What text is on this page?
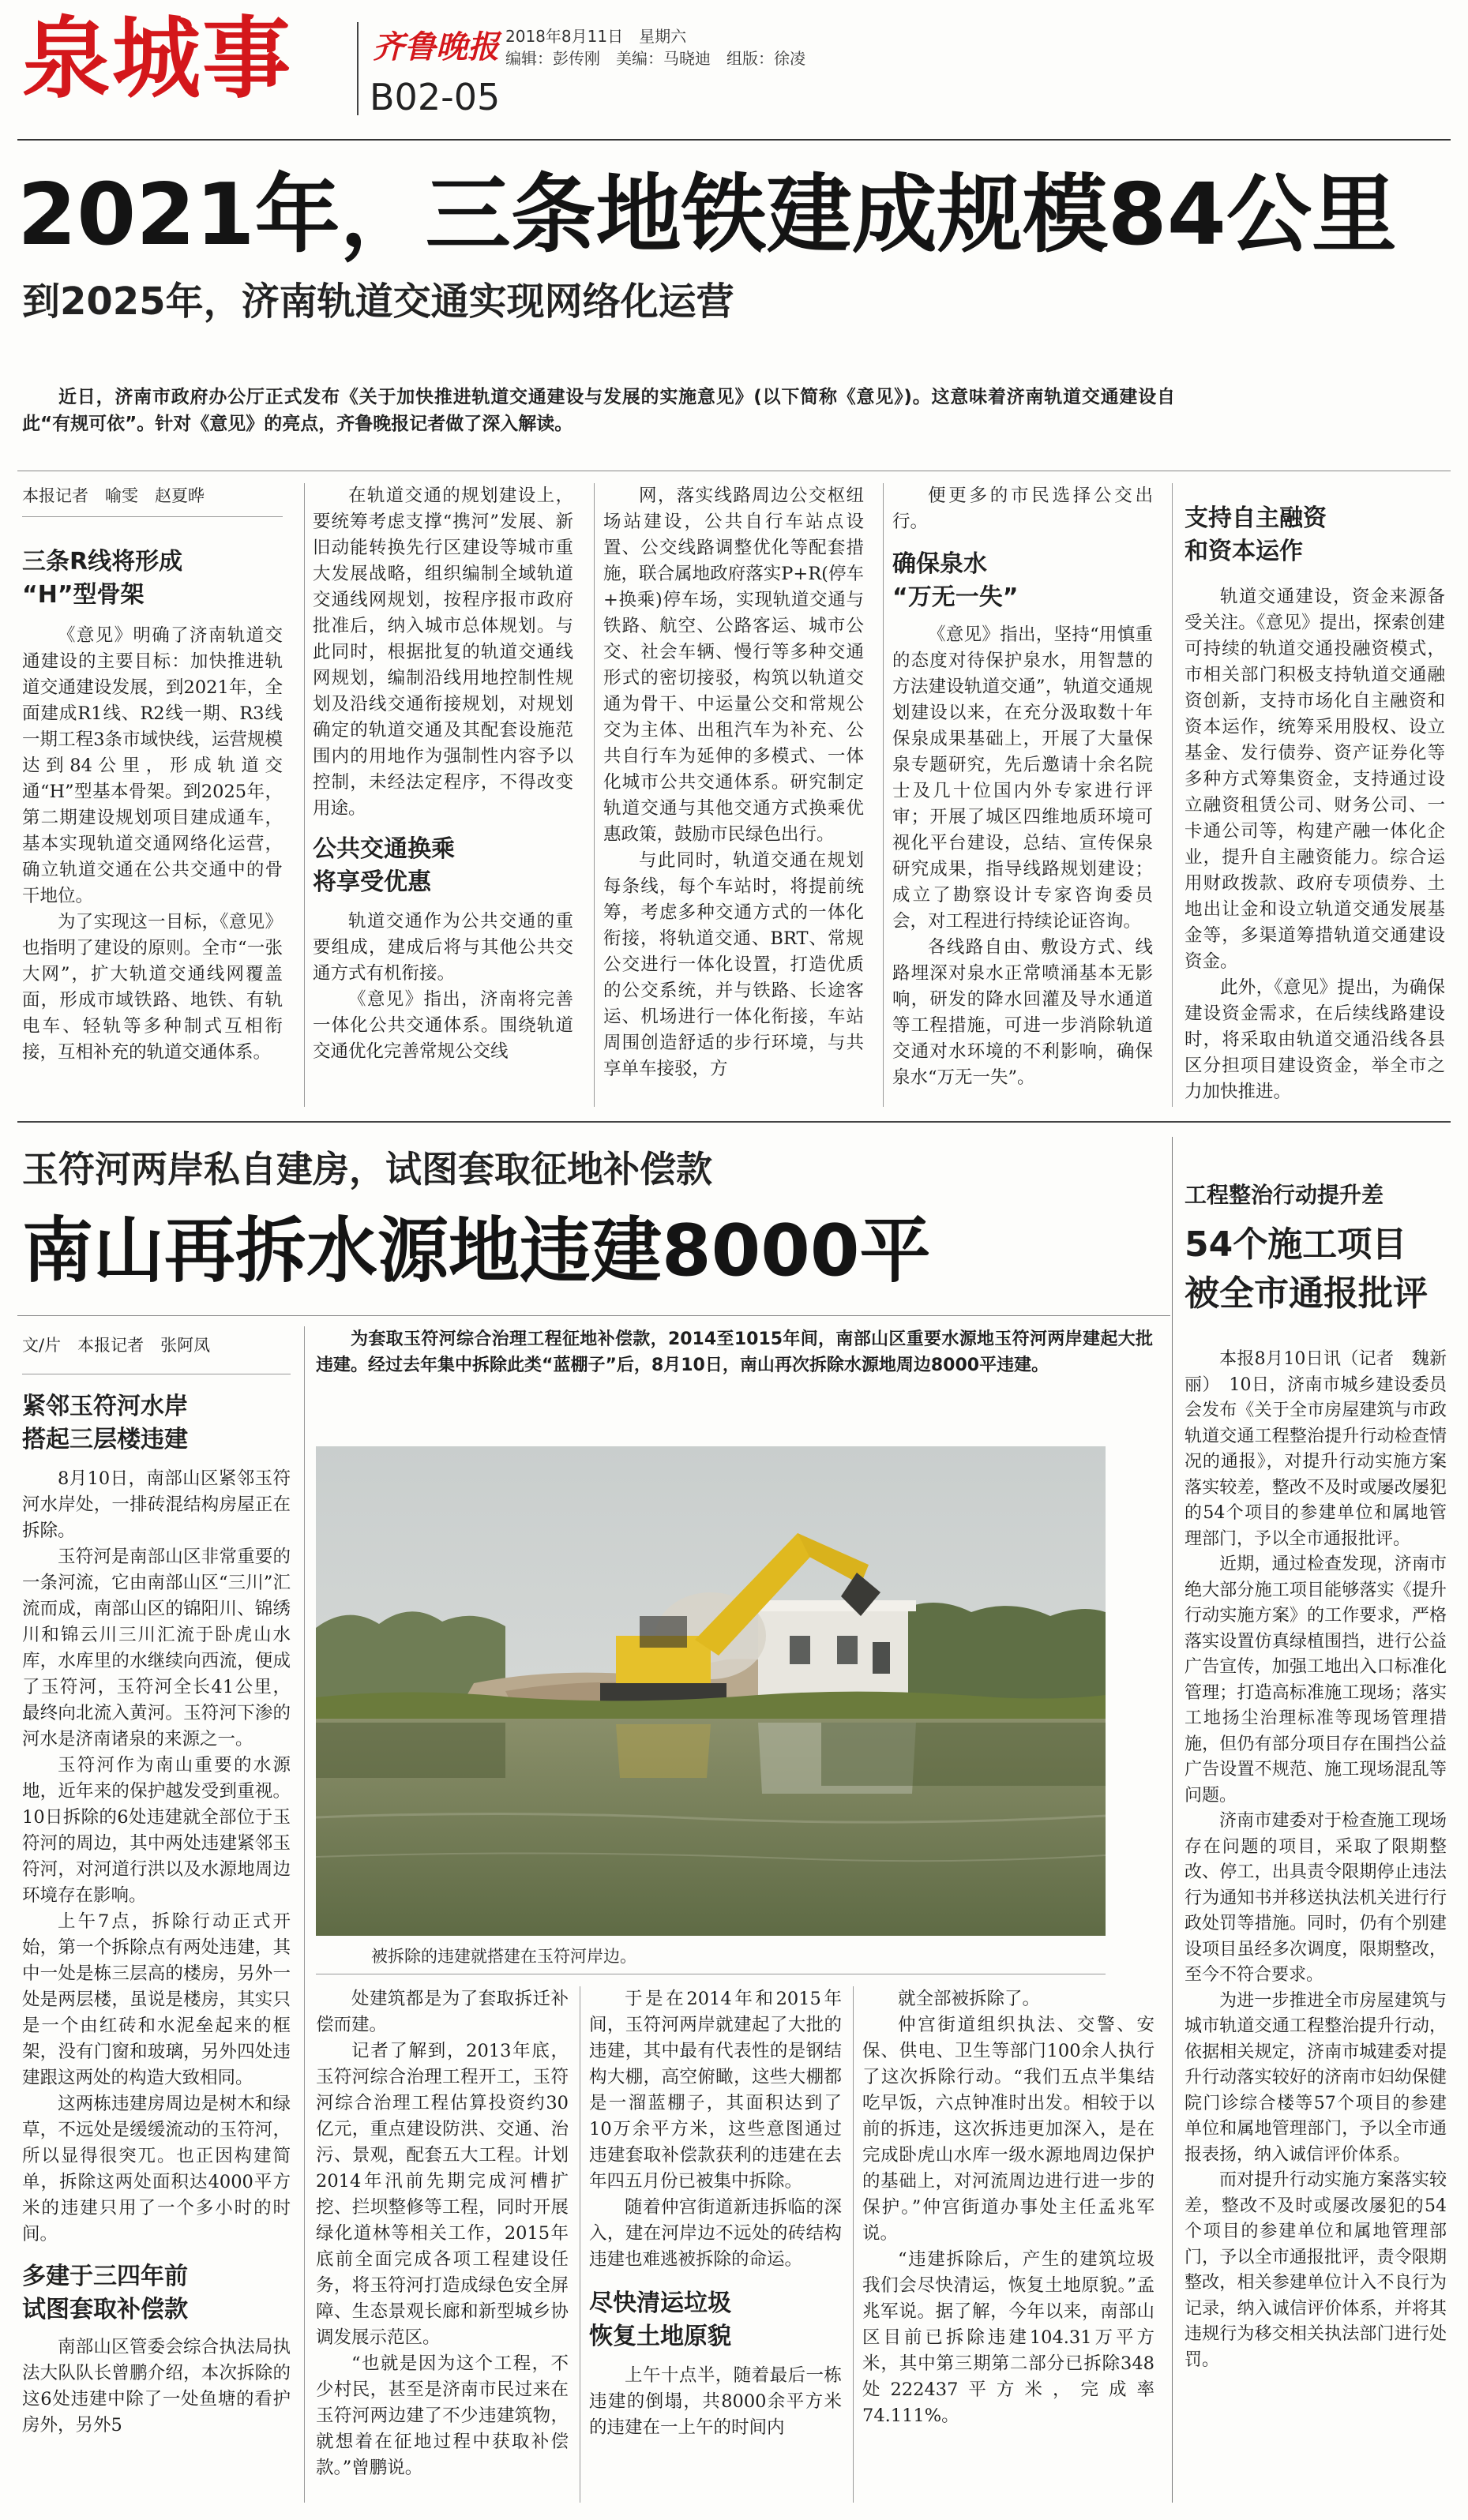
泉城事	齐鲁晚报
B02-05
2018年8月11日　星期六
编辑：彭传刚　美编：马晓迪　组版：徐凌
2021年，三条地铁建成规模84公里
到2025年，济南轨道交通实现网络化运营
近日，济南市政府办公厅正式发布《关于加快推进轨道交通建设与发展的实施意见》(以下简称《意见》)。这意味着济南轨道交通建设自此“有规可依”。针对《意见》的亮点，齐鲁晚报记者做了深入解读。
本报记者　喻雯　赵夏晔
三条R线将形成
“H”型骨架

《意见》明确了济南轨道交通建设的主要目标：加快推进轨道交通建设发展，到2021年，全面建成R1线、R2线一期、R3线一期工程3条市域快线，运营规模达到84公里，形成轨道交通“H”型基本骨架。到2025年，第二期建设规划项目建成通车，基本实现轨道交通网络化运营，确立轨道交通在公共交通中的骨干地位。

为了实现这一目标，《意见》也指明了建设的原则。全市“一张大网”，扩大轨道交通线网覆盖面，形成市域铁路、地铁、有轨电车、轻轨等多种制式互相衔接，互相补充的轨道交通体系。

在轨道交通的规划建设上，要统筹考虑支撑“携河”发展、新旧动能转换先行区建设等城市重大发展战略，组织编制全域轨道交通线网规划，按程序报市政府批准后，纳入城市总体规划。与此同时，根据批复的轨道交通线网规划，编制沿线用地控制性规划及沿线交通衔接规划，对规划确定的轨道交通及其配套设施范围内的用地作为强制性内容予以控制，未经法定程序，不得改变用途。

公共交通换乘
将享受优惠

轨道交通作为公共交通的重要组成，建成后将与其他公共交通方式有机衔接。

《意见》指出，济南将完善一体化公共交通体系。围绕轨道交通优化完善常规公交线

网，落实线路周边公交枢纽场站建设，公共自行车站点设置、公交线路调整优化等配套措施，联合属地政府落实P+R(停车+换乘)停车场，实现轨道交通与铁路、航空、公路客运、城市公交、社会车辆、慢行等多种交通形式的密切接驳，构筑以轨道交通为骨干、中运量公交和常规公交为主体、出租汽车为补充、公共自行车为延伸的多模式、一体化城市公共交通体系。研究制定轨道交通与其他交通方式换乘优惠政策，鼓励市民绿色出行。

与此同时，轨道交通在规划每条线，每个车站时，将提前统筹，考虑多种交通方式的一体化衔接，将轨道交通、BRT、常规公交进行一体化设置，打造优质的公交系统，并与铁路、长途客运、机场进行一体化衔接，车站周围创造舒适的步行环境，与共享单车接驳，方

便更多的市民选择公交出行。

确保泉水
“万无一失”

《意见》指出，坚持“用慎重的态度对待保护泉水，用智慧的方法建设轨道交通”，轨道交通规划建设以来，在充分汲取数十年保泉成果基础上，开展了大量保泉专题研究，先后邀请十余名院士及几十位国内外专家进行评审；开展了城区四维地质环境可视化平台建设，总结、宣传保泉研究成果，指导线路规划建设；成立了勘察设计专家咨询委员会，对工程进行持续论证咨询。

各线路自由、敷设方式、线路埋深对泉水正常喷涌基本无影响，研发的降水回灌及导水通道等工程措施，可进一步消除轨道交通对水环境的不利影响，确保泉水“万无一失”。

支持自主融资
和资本运作

轨道交通建设，资金来源备受关注。《意见》提出，探索创建可持续的轨道交通投融资模式，市相关部门积极支持轨道交通融资创新，支持市场化自主融资和资本运作，统筹采用股权、设立基金、发行债券、资产证券化等多种方式筹集资金，支持通过设立融资租赁公司、财务公司、一卡通公司等，构建产融一体化企业，提升自主融资能力。综合运用财政拨款、政府专项债券、土地出让金和设立轨道交通发展基金等，多渠道筹措轨道交通建设资金。

此外，《意见》提出，为确保建设资金需求，在后续线路建设时，将采取由轨道交通沿线各县区分担项目建设资金，举全市之力加快推进。

玉符河两岸私自建房，试图套取征地补偿款
南山再拆水源地违建8000平
文/片　本报记者　张阿凤	为套取玉符河综合治理工程征地补偿款，2014至1015年间，南部山区重要水源地玉符河两岸建起大批违建。经过去年集中拆除此类“蓝棚子”后，8月10日，南山再次拆除水源地周边8000平违建。
被拆除的违建就搭建在玉符河岸边。
紧邻玉符河水岸
搭起三层楼违建

8月10日，南部山区紧邻玉符河水岸处，一排砖混结构房屋正在拆除。

玉符河是南部山区非常重要的一条河流，它由南部山区“三川”汇流而成，南部山区的锦阳川、锦绣川和锦云川三川汇流于卧虎山水库，水库里的水继续向西流，便成了玉符河，玉符河全长41公里，最终向北流入黄河。玉符河下渗的河水是济南诸泉的来源之一。

玉符河作为南山重要的水源地，近年来的保护越发受到重视。10日拆除的6处违建就全部位于玉符河的周边，其中两处违建紧邻玉符河，对河道行洪以及水源地周边环境存在影响。

上午7点，拆除行动正式开始，第一个拆除点有两处违建，其中一处是栋三层高的楼房，另外一处是两层楼，虽说是楼房，其实只是一个由红砖和水泥垒起来的框架，没有门窗和玻璃，另外四处违建跟这两处的构造大致相同。

这两栋违建房周边是树木和绿草，不远处是缓缓流动的玉符河，所以显得很突兀。也正因构建简单，拆除这两处面积达4000平方米的违建只用了一个多小时的时间。

多建于三四年前
试图套取补偿款

南部山区管委会综合执法局执法大队队长曾鹏介绍，本次拆除的这6处违建中除了一处鱼塘的看护房外，另外5

处建筑都是为了套取拆迁补偿而建。

记者了解到，2013年底，玉符河综合治理工程开工，玉符河综合治理工程估算投资约30亿元，重点建设防洪、交通、治污、景观，配套五大工程。计划2014年汛前先期完成河槽扩挖、拦坝整修等工程，同时开展绿化道林等相关工作，2015年底前全面完成各项工程建设任务，将玉符河打造成绿色安全屏障、生态景观长廊和新型城乡协调发展示范区。

“也就是因为这个工程，不少村民，甚至是济南市民过来在玉符河两边建了不少违建筑物，就想着在征地过程中获取补偿款。”曾鹏说。

于是在2014年和2015年间，玉符河两岸就建起了大批的违建，其中最有代表性的是钢结构大棚，高空俯瞰，这些大棚都是一溜蓝棚子，其面积达到了10万余平方米，这些意图通过违建套取补偿款获利的违建在去年四五月份已被集中拆除。

随着仲宫街道新违拆临的深入，建在河岸边不远处的砖结构违建也难逃被拆除的命运。

尽快清运垃圾
恢复土地原貌

上午十点半，随着最后一栋违建的倒塌，共8000余平方米的违建在一上午的时间内

就全部被拆除了。

仲宫街道组织执法、交警、安保、供电、卫生等部门100余人执行了这次拆除行动。“我们五点半集结吃早饭，六点钟准时出发。相较于以前的拆违，这次拆违更加深入，是在完成卧虎山水库一级水源地周边保护的基础上，对河流周边进行进一步的保护。”仲宫街道办事处主任孟兆军说。

“违建拆除后，产生的建筑垃圾我们会尽快清运，恢复土地原貌。”孟兆军说。据了解，今年以来，南部山区目前已拆除违建104.31万平方米，其中第三期第二部分已拆除348处222437平方米，完成率74.111%。

工程整治行动提升差
54个施工项目
被全市通报批评

本报8月10日讯（记者　魏新丽）　10日，济南市城乡建设委员会发布《关于全市房屋建筑与市政轨道交通工程整治提升行动检查情况的通报》，对提升行动实施方案落实较差，整改不及时或屡改屡犯的54个项目的参建单位和属地管理部门，予以全市通报批评。

近期，通过检查发现，济南市绝大部分施工项目能够落实《提升行动实施方案》的工作要求，严格落实设置仿真绿植围挡，进行公益广告宣传，加强工地出入口标准化管理；打造高标准施工现场；落实工地扬尘治理标准等现场管理措施，但仍有部分项目存在围挡公益广告设置不规范、施工现场混乱等问题。

济南市建委对于检查施工现场存在问题的项目，采取了限期整改、停工，出具责令限期停止违法行为通知书并移送执法机关进行行政处罚等措施。同时，仍有个别建设项目虽经多次调度，限期整改，至今不符合要求。

为进一步推进全市房屋建筑与城市轨道交通工程整治提升行动，依据相关规定，济南市城建委对提升行动落实较好的济南市妇幼保健院门诊综合楼等57个项目的参建单位和属地管理部门，予以全市通报表扬，纳入诚信评价体系。

而对提升行动实施方案落实较差，整改不及时或屡改屡犯的54个项目的参建单位和属地管理部门，予以全市通报批评，责令限期整改，相关参建单位计入不良行为记录，纳入诚信评价体系，并将其违规行为移交相关执法部门进行处罚。
